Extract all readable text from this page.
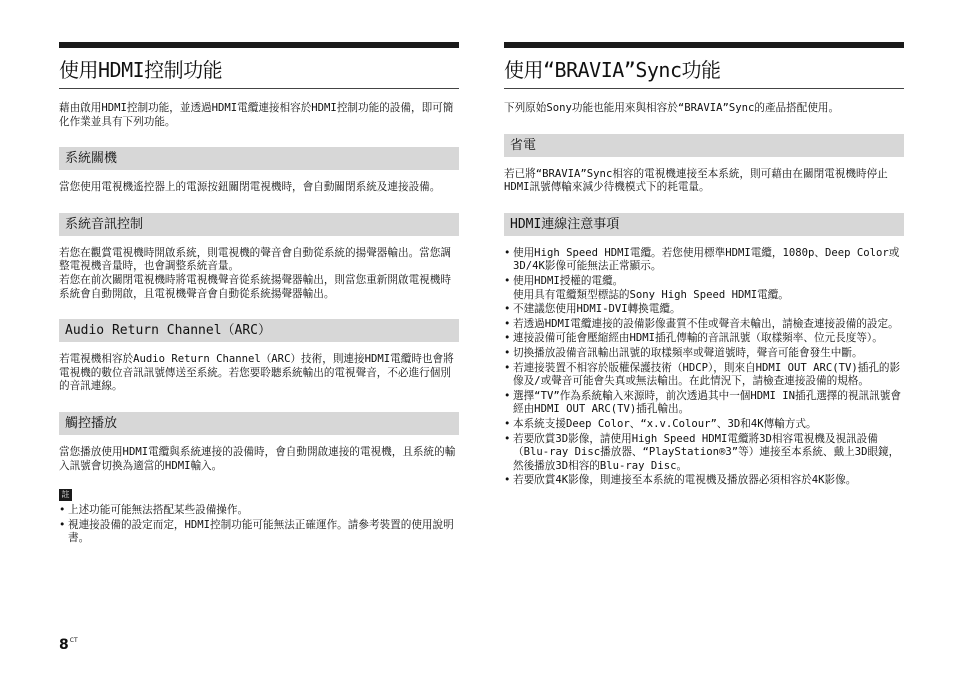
使用HDMI控制功能

藉由啟用HDMI控制功能，並透過HDMI電纜連接相容於HDMI控制功能的設備，即可簡化作業並具有下列功能。

系統關機

當您使用電視機遙控器上的電源按鈕關閉電視機時，會自動關閉系統及連接設備。

系統音訊控制

若您在觀賞電視機時開啟系統，則電視機的聲音會自動從系統的揚聲器輸出。當您調整電視機音量時，也會調整系統音量。

若您在前次關閉電視機時將電視機聲音從系統揚聲器輸出，則當您重新開啟電視機時系統會自動開啟，且電視機聲音會自動從系統揚聲器輸出。

Audio Return Channel（ARC）

若電視機相容於Audio Return Channel（ARC）技術，則連接HDMI電纜時也會將電視機的數位音訊訊號傳送至系統。若您要聆聽系統輸出的電視聲音，不必進行個別的音訊連線。

觸控播放

當您播放使用HDMI電纜與系統連接的設備時，會自動開啟連接的電視機，且系統的輸入訊號會切換為適當的HDMI輸入。

註
• 上述功能可能無法搭配某些設備操作。
• 視連接設備的設定而定，HDMI控制功能可能無法正確運作。請參考裝置的使用說明書。
使用“BRAVIA”Sync功能

下列原始Sony功能也能用來與相容於“BRAVIA”Sync的產品搭配使用。

省電

若已將“BRAVIA”Sync相容的電視機連接至本系統，則可藉由在關閉電視機時停止HDMI訊號傳輸來減少待機模式下的耗電量。

HDMI連線注意事項
• 使用High Speed HDMI電纜。若您使用標準HDMI電纜，1080p、Deep Color或3D/4K影像可能無法正常顯示。
• 使用HDMI授權的電纜。
使用具有電纜類型標誌的Sony High Speed HDMI電纜。
• 不建議您使用HDMI-DVI轉換電纜。
• 若透過HDMI電纜連接的設備影像畫質不佳或聲音未輸出，請檢查連接設備的設定。
• 連接設備可能會壓縮經由HDMI插孔傳輸的音訊訊號（取樣頻率、位元長度等）。
• 切換播放設備音訊輸出訊號的取樣頻率或聲道號時，聲音可能會發生中斷。
• 若連接裝置不相容於版權保護技術（HDCP），則來自HDMI OUT ARC(TV)插孔的影像及/或聲音可能會失真或無法輸出。在此情況下，請檢查連接設備的規格。
• 選擇“TV”作為系統輸入來源時，前次透過其中一個HDMI IN插孔選擇的視訊訊號會經由HDMI OUT ARC(TV)插孔輸出。
• 本系統支援Deep Color、“x.v.Colour”、3D和4K傳輸方式。
• 若要欣賞3D影像，請使用High Speed HDMI電纜將3D相容電視機及視訊設備（Blu-ray Disc播放器、“PlayStation®3”等）連接至本系統、戴上3D眼鏡，然後播放3D相容的Blu-ray Disc。
• 若要欣賞4K影像，則連接至本系統的電視機及播放器必須相容於4K影像。
$8^{CT}$
